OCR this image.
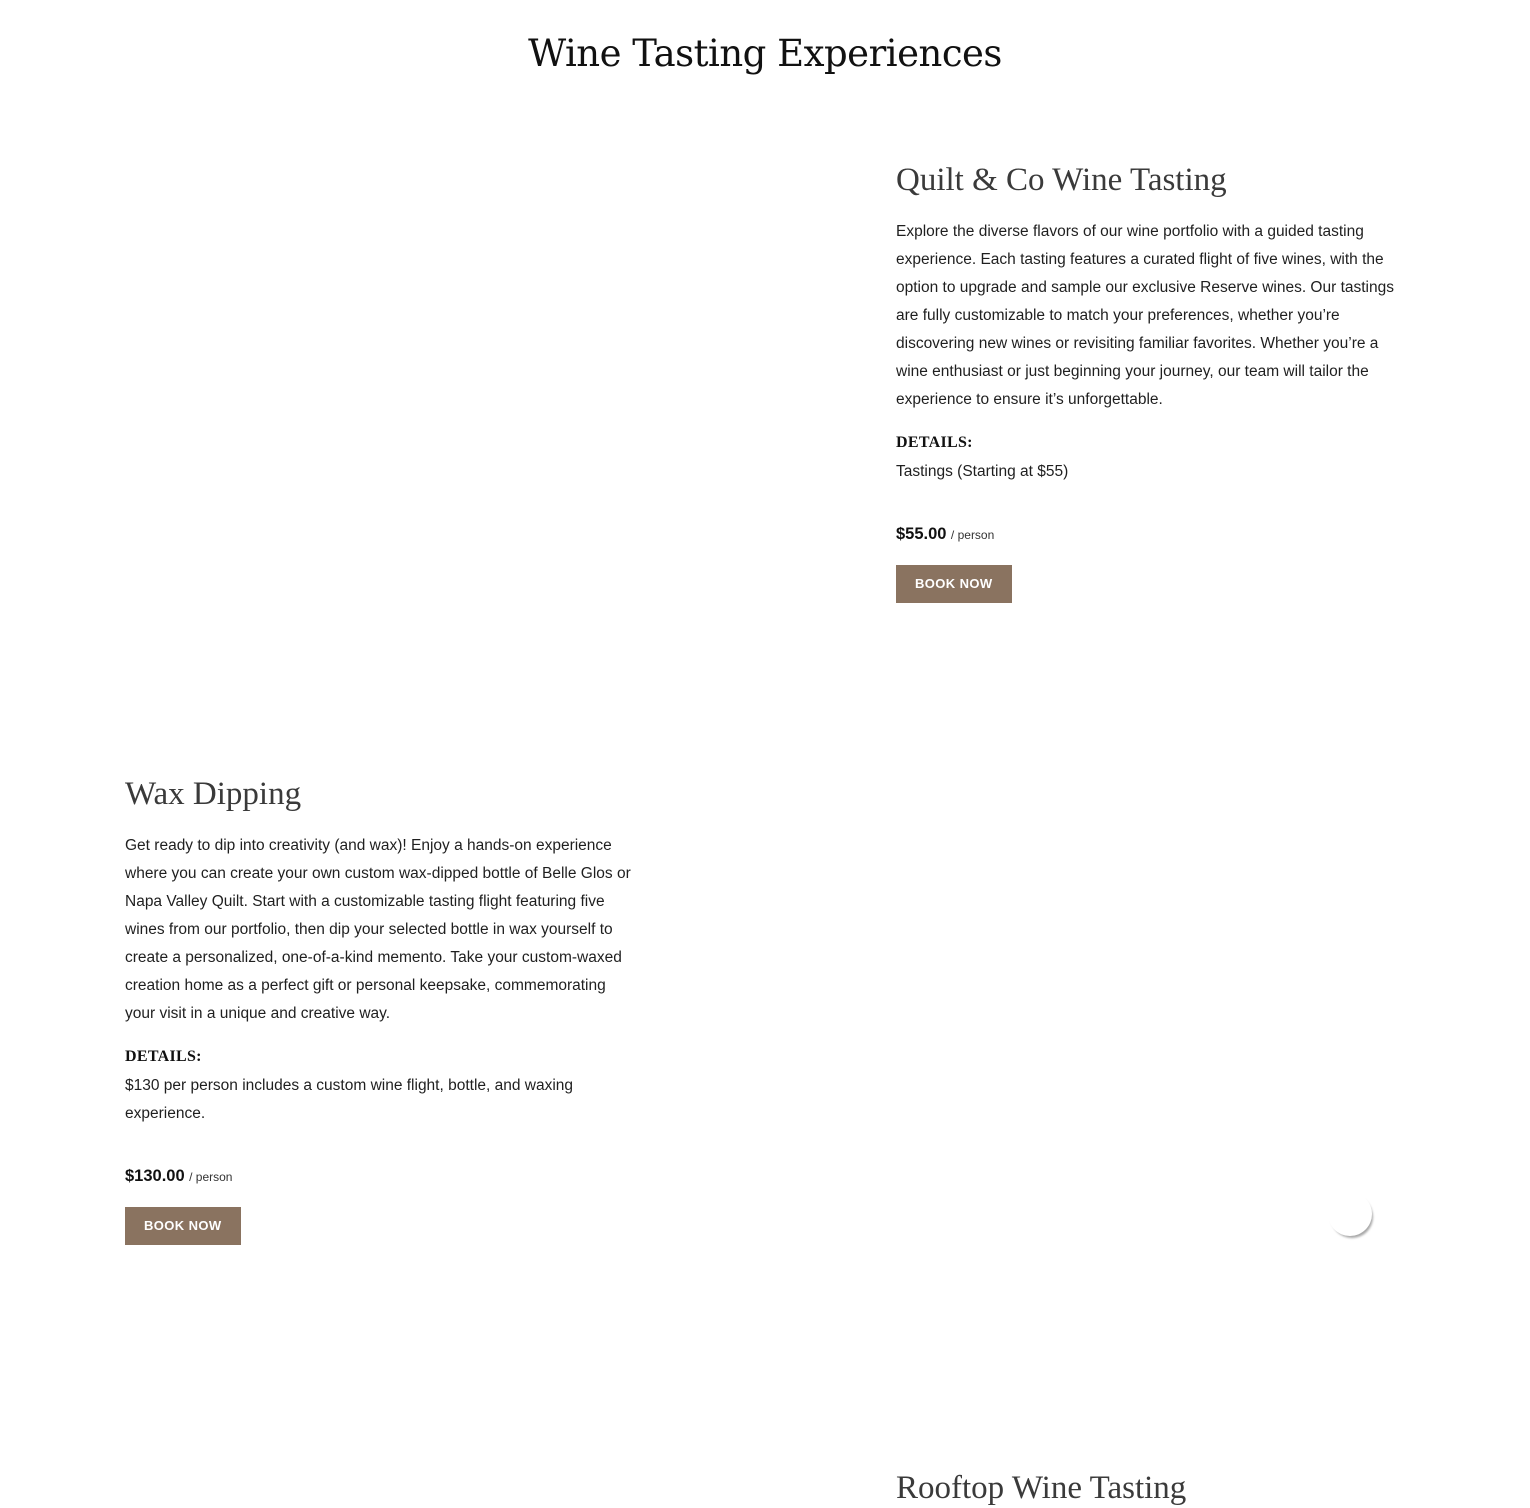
Wine Tasting Experiences
Quilt & Co Wine Tasting

Explore the diverse flavors of our wine portfolio with a guided tasting experience. Each tasting features a curated flight of five wines, with the option to upgrade and sample our exclusive Reserve wines. Our tastings are fully customizable to match your preferences, whether you’re discovering new wines or revisiting familiar favorites. Whether you’re a wine enthusiast or just beginning your journey, our team will tailor the experience to ensure it’s unforgettable.

DETAILS:
Tastings (Starting at $55)
$55.00 / person
BOOK NOW
Wax Dipping

Get ready to dip into creativity (and wax)! Enjoy a hands-on experience where you can create your own custom wax-dipped bottle of Belle Glos or Napa Valley Quilt. Start with a customizable tasting flight featuring five wines from our portfolio, then dip your selected bottle in wax yourself to create a personalized, one-of-a-kind memento. Take your custom-waxed creation home as a perfect gift or personal keepsake, commemorating your visit in a unique and creative way.

DETAILS:
$130 per person includes a custom wine flight, bottle, and waxing experience.
$130.00 / person
BOOK NOW
Rooftop Wine Tasting
